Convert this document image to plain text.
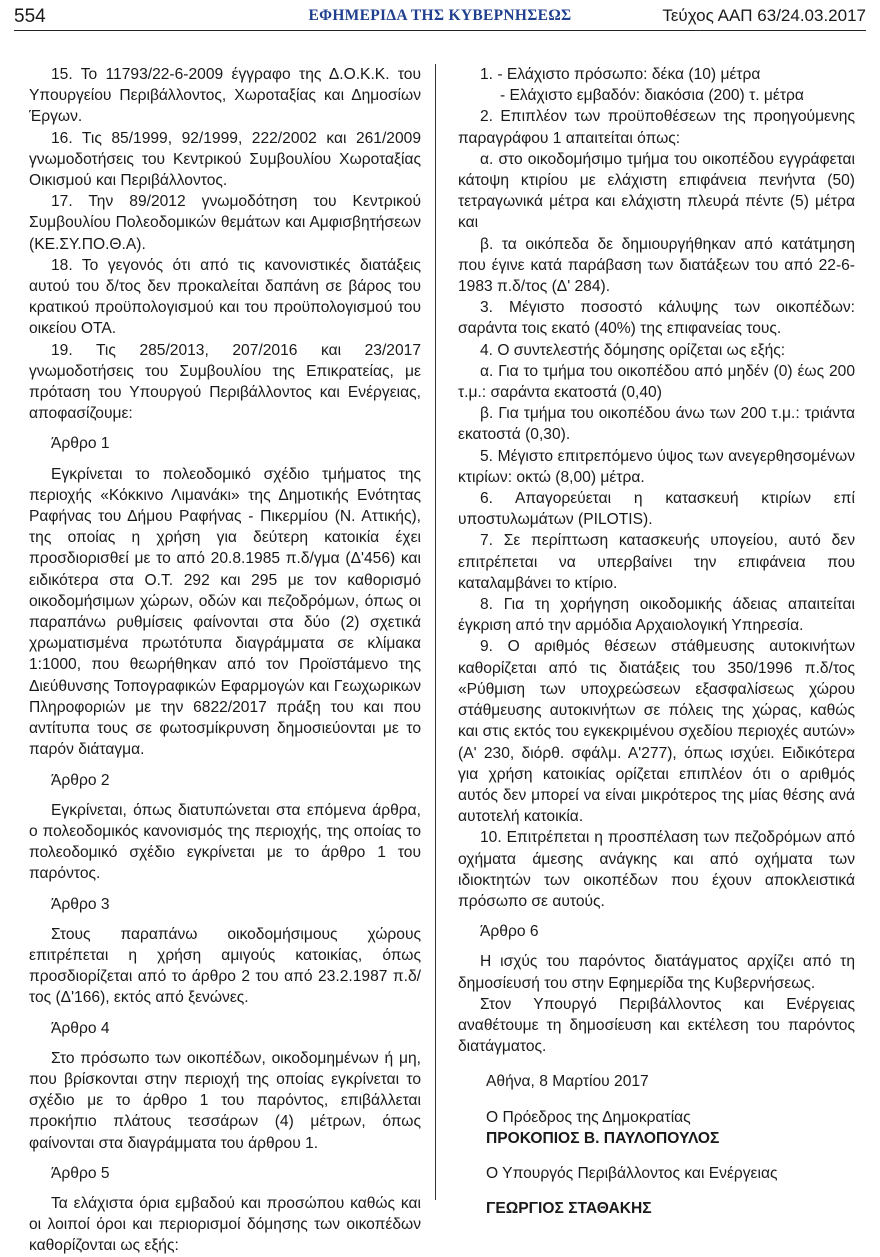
554	ΕΦΗΜΕΡΙΔΑ ΤΗΣ ΚΥΒΕΡΝΗΣΕΩΣ	Τεύχος ΑΑΠ 63/24.03.2017

15. Το 11793/22-6-2009 έγγραφο της Δ.Ο.Κ.Κ. του Υπουργείου Περιβάλλοντος, Χωροταξίας και Δημοσίων Έργων.

16. Τις 85/1999, 92/1999, 222/2002 και 261/2009 γνωμοδοτήσεις του Κεντρικού Συμβουλίου Χωροταξίας Οικισμού και Περιβάλλοντος.

17. Την 89/2012 γνωμοδότηση του Κεντρικού Συμβουλίου Πολεοδομικών θεμάτων και Αμφισβητήσεων (ΚΕ.ΣΥ.ΠΟ.Θ.Α).

18. Το γεγονός ότι από τις κανονιστικές διατάξεις αυτού του δ/τος δεν προκαλείται δαπάνη σε βάρος του κρατικού προϋπολογισμού και του προϋπολογισμού του οικείου ΟΤΑ.

19. Τις 285/2013, 207/2016 και 23/2017 γνωμοδοτήσεις του Συμβουλίου της Επικρατείας, με πρόταση του Υπουργού Περιβάλλοντος και Ενέργειας, αποφασίζουμε:

Άρθρο 1

Εγκρίνεται το πολεοδομικό σχέδιο τμήματος της περιοχής «Κόκκινο Λιμανάκι» της Δημοτικής Ενότητας Ραφήνας του Δήμου Ραφήνας - Πικερμίου (Ν. Αττικής), της οποίας η χρήση για δεύτερη κατοικία έχει προσδιορισθεί με το από 20.8.1985 π.δ/γμα (Δ'456) και ειδικότερα στα Ο.Τ. 292 και 295 με τον καθορισμό οικοδομήσιμων χώρων, οδών και πεζοδρόμων, όπως οι παραπάνω ρυθμίσεις φαίνονται στα δύο (2) σχετικά χρωματισμένα πρωτότυπα διαγράμματα σε κλίμακα 1:1000, που θεωρήθηκαν από τον Προϊστάμενο της Διεύθυνσης Τοπογραφικών Εφαρμογών και Γεωχωρικων Πληροφοριών με την 6822/2017 πράξη του και που αντίτυπα τους σε φωτοσμίκρυνση δημοσιεύονται με το παρόν διάταγμα.

Άρθρο 2

Εγκρίνεται, όπως διατυπώνεται στα επόμενα άρθρα, ο πολεοδομικός κανονισμός της περιοχής, της οποίας το πολεοδομικό σχέδιο εγκρίνεται με το άρθρο 1 του παρόντος.

Άρθρο 3

Στους παραπάνω οικοδομήσιμους χώρους επιτρέπεται η χρήση αμιγούς κατοικίας, όπως προσδιορίζεται από το άρθρο 2 του από 23.2.1987 π.δ/τος (Δ'166), εκτός από ξενώνες.

Άρθρο 4

Στο πρόσωπο των οικοπέδων, οικοδομημένων ή μη, που βρίσκονται στην περιοχή της οποίας εγκρίνεται το σχέδιο με το άρθρο 1 του παρόντος, επιβάλλεται προκήπιο πλάτους τεσσάρων (4) μέτρων, όπως φαίνονται στα διαγράμματα του άρθρου 1.

Άρθρο 5

Τα ελάχιστα όρια εμβαδού και προσώπου καθώς και οι λοιποί όροι και περιορισμοί δόμησης των οικοπέδων καθορίζονται ως εξής:

1. - Ελάχιστο πρόσωπο: δέκα (10) μέτρα

- Ελάχιστο εμβαδόν: διακόσια (200) τ. μέτρα

2. Επιπλέον των προϋποθέσεων της προηγούμενης παραγράφου 1 απαιτείται όπως:

α. στο οικοδομήσιμο τμήμα του οικοπέδου εγγράφεται κάτοψη κτιρίου με ελάχιστη επιφάνεια πενήντα (50) τετραγωνικά μέτρα και ελάχιστη πλευρά πέντε (5) μέτρα και

β. τα οικόπεδα δε δημιουργήθηκαν από κατάτμηση που έγινε κατά παράβαση των διατάξεων του από 22-6-1983 π.δ/τος (Δ' 284).

3. Μέγιστο ποσοστό κάλυψης των οικοπέδων: σαράντα τοις εκατό (40%) της επιφανείας τους.

4. Ο συντελεστής δόμησης ορίζεται ως εξής:

α. Για το τμήμα του οικοπέδου από μηδέν (0) έως 200 τ.μ.: σαράντα εκατοστά (0,40)

β. Για τμήμα του οικοπέδου άνω των 200 τ.μ.: τριάντα εκατοστά (0,30).

5. Μέγιστο επιτρεπόμενο ύψος των ανεγερθησομένων κτιρίων: οκτώ (8,00) μέτρα.

6. Απαγορεύεται η κατασκευή κτιρίων επί υποστυλωμάτων (PILOTIS).

7. Σε περίπτωση κατασκευής υπογείου, αυτό δεν επιτρέπεται να υπερβαίνει την επιφάνεια που καταλαμβάνει το κτίριο.

8. Για τη χορήγηση οικοδομικής άδειας απαιτείται έγκριση από την αρμόδια Αρχαιολογική Υπηρεσία.

9. Ο αριθμός θέσεων στάθμευσης αυτοκινήτων καθορίζεται από τις διατάξεις του 350/1996 π.δ/τος «Ρύθμιση των υποχρεώσεων εξασφαλίσεως χώρου στάθμευσης αυτοκινήτων σε πόλεις της χώρας, καθώς και στις εκτός του εγκεκριμένου σχεδίου περιοχές αυτών» (Α' 230, διόρθ. σφάλμ. Α'277), όπως ισχύει. Ειδικότερα για χρήση κατοικίας ορίζεται επιπλέον ότι ο αριθμός αυτός δεν μπορεί να είναι μικρότερος της μίας θέσης ανά αυτοτελή κατοικία.

10. Επιτρέπεται η προσπέλαση των πεζοδρόμων από οχήματα άμεσης ανάγκης και από οχήματα των ιδιοκτητών των οικοπέδων που έχουν αποκλειστικά πρόσωπο σε αυτούς.

Άρθρο 6

Η ισχύς του παρόντος διατάγματος αρχίζει από τη δημοσίευσή του στην Εφημερίδα της Κυβερνήσεως.

Στον Υπουργό Περιβάλλοντος και Ενέργειας αναθέτουμε τη δημοσίευση και εκτέλεση του παρόντος διατάγματος.

Αθήνα, 8 Μαρτίου 2017
Ο Πρόεδρος της Δημοκρατίας
ΠΡΟΚΟΠΙΟΣ Β. ΠΑΥΛΟΠΟΥΛΟΣ
Ο Υπουργός Περιβάλλοντος και Ενέργειας
ΓΕΩΡΓΙΟΣ ΣΤΑΘΑΚΗΣ
